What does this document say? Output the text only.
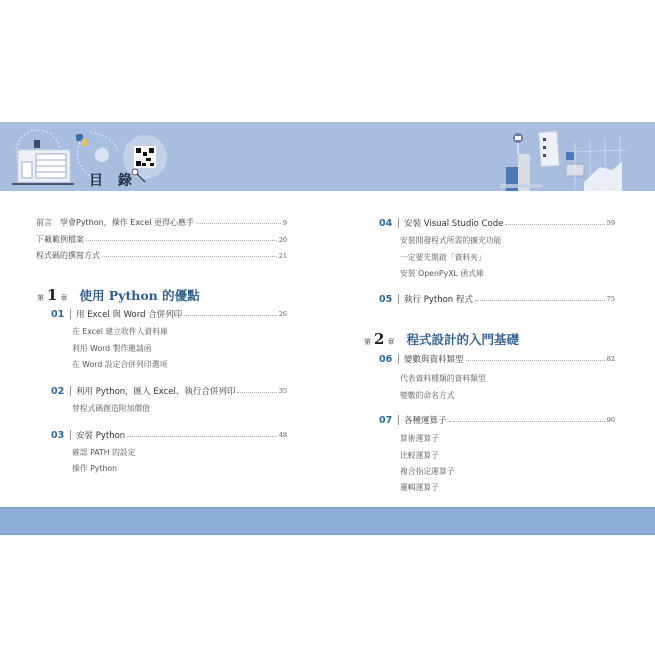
目 錄
前言　學會Python，操作 Excel 更得心應手	9
下載範例檔案	20
程式碼的撰寫方式	21
第 1 章 使用 Python 的優點
01	用 Excel 與 Word 合併列印	26
在 Excel 建立收件人資料庫
利用 Word 製作邀請函
在 Word 設定合併列印選項
02	利用 Python，匯入 Excel、執行合併列印	35
替程式碼創造附加價值
03	安裝 Python	48
確認 PATH 的設定
操作 Python
04	安裝 Visual Studio Code	59
安裝開發程式所需的擴充功能
一定要先開啟「資料夾」
安裝 OpenPyXL 函式庫
05	執行 Python 程式	75
第 2 章 程式設計的入門基礎
06	變數與資料類型	82
代表資料種類的資料類型
變數的命名方式
07	各種運算子	90
算術運算子
比較運算子
複合指定運算子
邏輯運算子
